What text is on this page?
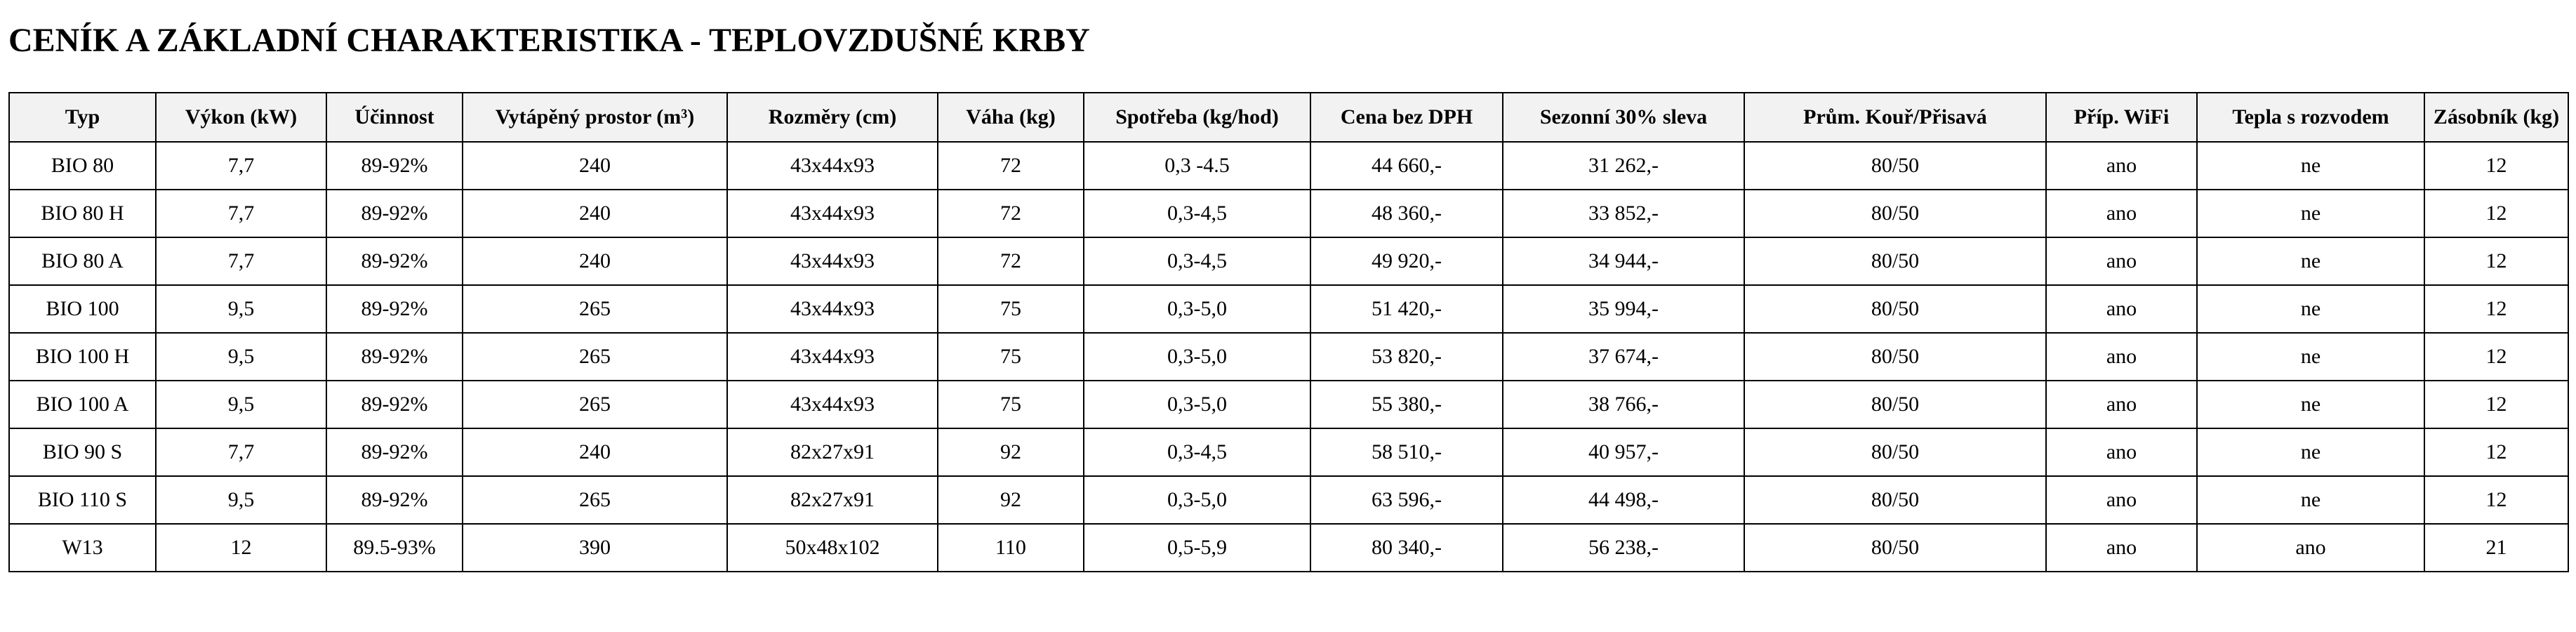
CENÍK A ZÁKLADNÍ CHARAKTERISTIKA - TEPLOVZDUŠNÉ KRBY
Typ	Výkon (kW)	Účinnost	Vytápěný prostor (m³)	Rozměry (cm)	Váha (kg)	Spotřeba (kg/hod)	Cena bez DPH	Sezonní 30% sleva	Prům. Kouř/Přisavá	Příp. WiFi	Tepla s rozvodem	Zásobník (kg)
BIO 80	7,7	89-92%	240	43x44x93	72	0,3 -4.5	44 660,-	31 262,-	80/50	ano	ne	12
BIO 80 H	7,7	89-92%	240	43x44x93	72	0,3-4,5	48 360,-	33 852,-	80/50	ano	ne	12
BIO 80 A	7,7	89-92%	240	43x44x93	72	0,3-4,5	49 920,-	34 944,-	80/50	ano	ne	12
BIO 100	9,5	89-92%	265	43x44x93	75	0,3-5,0	51 420,-	35 994,-	80/50	ano	ne	12
BIO 100 H	9,5	89-92%	265	43x44x93	75	0,3-5,0	53 820,-	37 674,-	80/50	ano	ne	12
BIO 100 A	9,5	89-92%	265	43x44x93	75	0,3-5,0	55 380,-	38 766,-	80/50	ano	ne	12
BIO 90 S	7,7	89-92%	240	82x27x91	92	0,3-4,5	58 510,-	40 957,-	80/50	ano	ne	12
BIO 110 S	9,5	89-92%	265	82x27x91	92	0,3-5,0	63 596,-	44 498,-	80/50	ano	ne	12
W13	12	89.5-93%	390	50x48x102	110	0,5-5,9	80 340,-	56 238,-	80/50	ano	ano	21
